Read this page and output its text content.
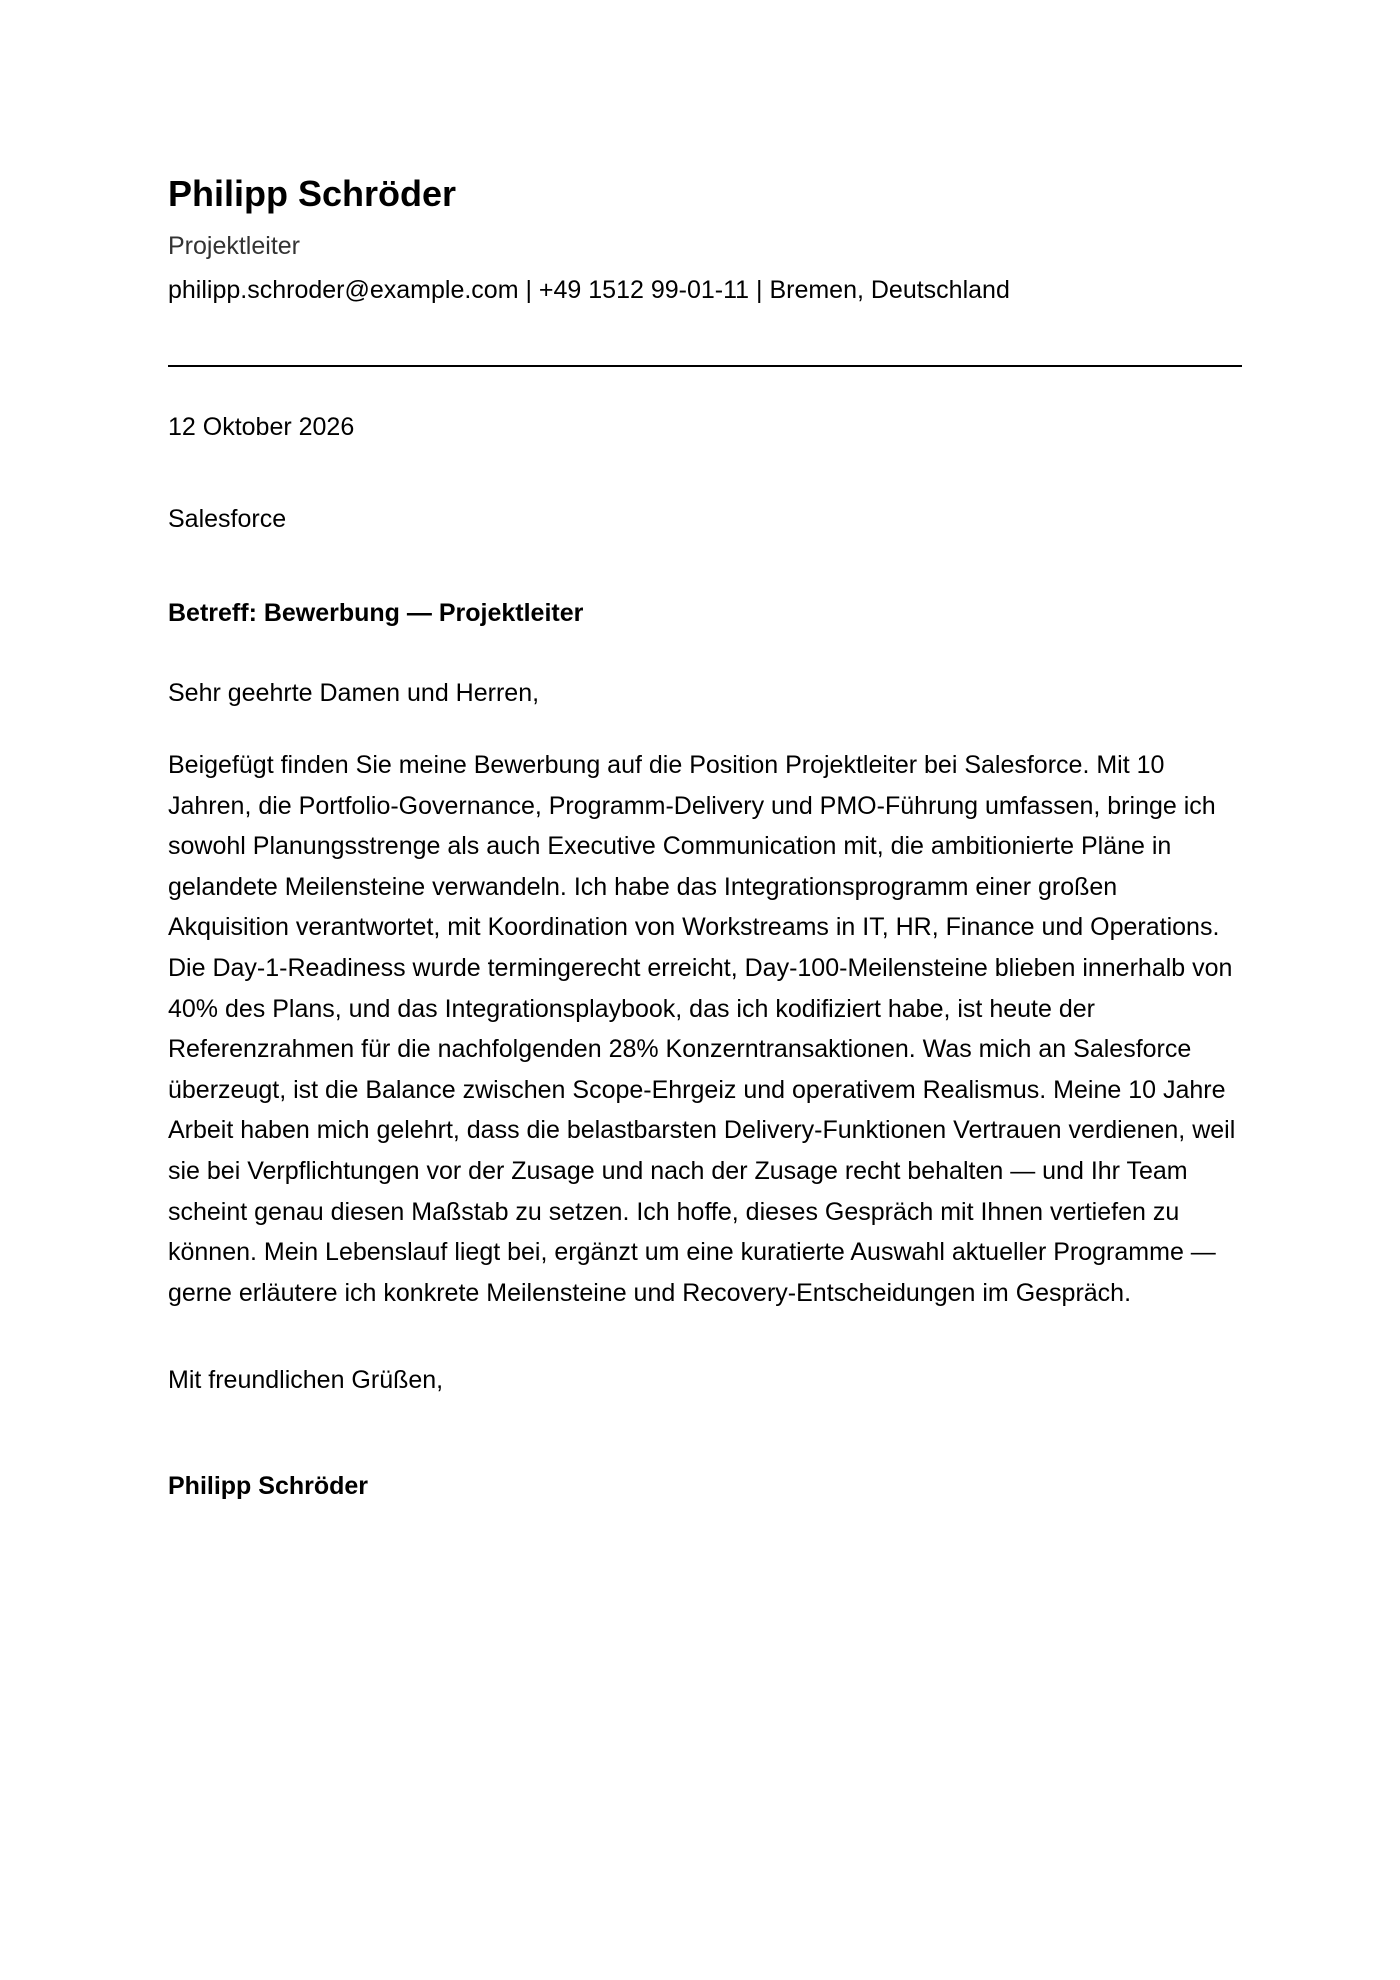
Philipp Schröder
Projektleiter
philipp.schroder@example.com | +49 1512 99-01-11 | Bremen, Deutschland
12 Oktober 2026
Salesforce
Betreff: Bewerbung — Projektleiter
Sehr geehrte Damen und Herren,
Beigefügt finden Sie meine Bewerbung auf die Position Projektleiter bei Salesforce. Mit 10 Jahren, die Portfolio-Governance, Programm-Delivery und PMO-Führung umfassen, bringe ich sowohl Planungsstrenge als auch Executive Communication mit, die ambitionierte Pläne in gelandete Meilensteine verwandeln. Ich habe das Integrationsprogramm einer großen Akquisition verantwortet, mit Koordination von Workstreams in IT, HR, Finance und Operations. Die Day-1-Readiness wurde termingerecht erreicht, Day-100-Meilensteine blieben innerhalb von 40% des Plans, und das Integrationsplaybook, das ich kodifiziert habe, ist heute der Referenzrahmen für die nachfolgenden 28% Konzerntransaktionen. Was mich an Salesforce überzeugt, ist die Balance zwischen Scope-Ehrgeiz und operativem Realismus. Meine 10 Jahre Arbeit haben mich gelehrt, dass die belastbarsten Delivery-Funktionen Vertrauen verdienen, weil sie bei Verpflichtungen vor der Zusage und nach der Zusage recht behalten — und Ihr Team scheint genau diesen Maßstab zu setzen. Ich hoffe, dieses Gespräch mit Ihnen vertiefen zu können. Mein Lebenslauf liegt bei, ergänzt um eine kuratierte Auswahl aktueller Programme — gerne erläutere ich konkrete Meilensteine und Recovery-Entscheidungen im Gespräch.
Mit freundlichen Grüßen,
Philipp Schröder
